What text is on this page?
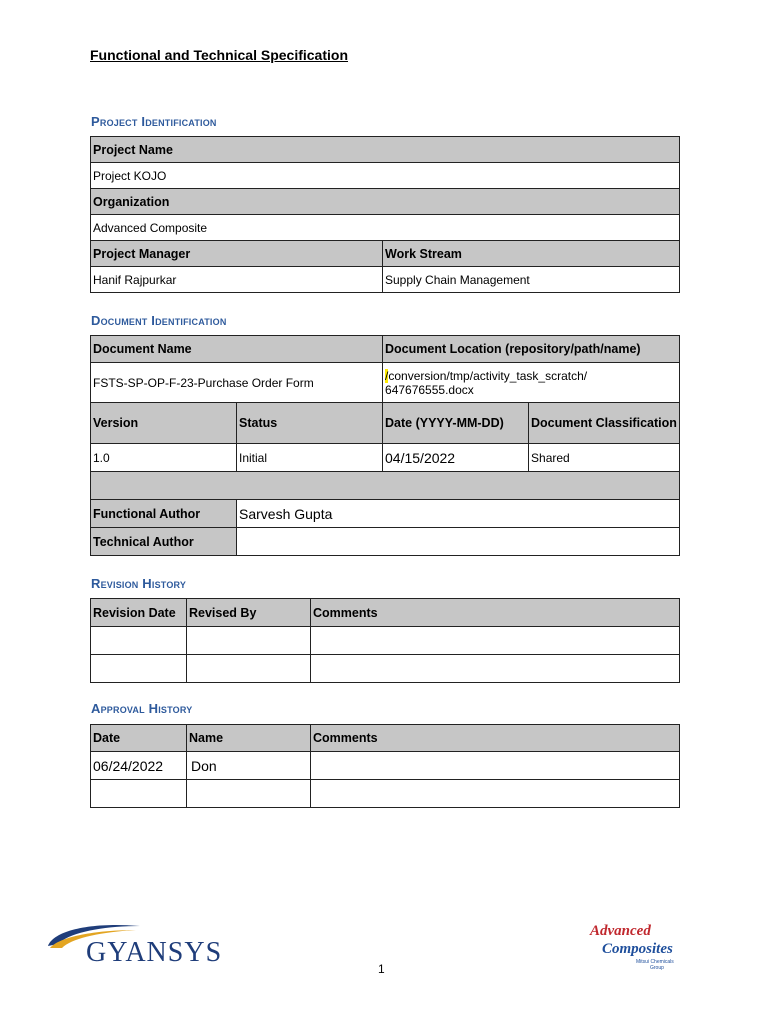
Functional and Technical Specification
Project Identification
Project Name	
Project KOJO	
Organization	
Advanced Composite	
Project Manager	Work Stream
Hanif Rajpurkar	Supply Chain Management
Document Identification
Document Name		Document Location (repository/path/name)	
FSTS-SP-OP-F-23-Purchase Order Form		/conversion/tmp/activity_task_scratch/
647676555.docx	
Version	Status	Date (YYYY-MM-DD)	Document Classification
1.0	Initial	04/15/2022	Shared

Functional Author	Sarvesh Gupta		
Technical Author			
Revision History
Revision Date	Revised By	Comments

Approval History
Date	Name	Comments
06/24/2022	Don	

GYANSYS
Advanced
Composites
Mitsui Chemicals
Group
1
